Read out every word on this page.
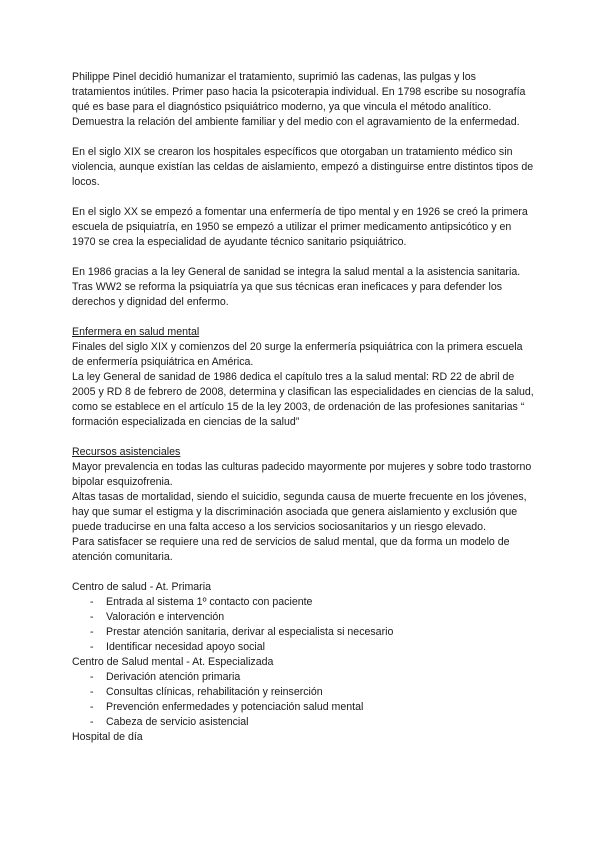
Philippe Pinel decidió humanizar el tratamiento, suprimió las cadenas, las pulgas y los tratamientos inútiles. Primer paso hacia la psicoterapia individual. En 1798 escribe su nosografía qué es base para el diagnóstico psiquiátrico moderno, ya que vincula el método analítico.

Demuestra la relación del ambiente familiar y del medio con el agravamiento de la enfermedad.

En el siglo XIX se crearon los hospitales específicos que otorgaban un tratamiento médico sin violencia, aunque existían las celdas de aislamiento, empezó a distinguirse entre distintos tipos de locos.

En el siglo XX se empezó a fomentar una enfermería de tipo mental y en 1926 se creó la primera escuela de psiquiatría, en 1950 se empezó a utilizar el primer medicamento antipsicótico y en 1970 se crea la especialidad de ayudante técnico sanitario psiquiátrico.

En 1986 gracias a la ley General de sanidad se integra la salud mental a la asistencia sanitaria. Tras WW2 se reforma la psiquiatría ya que sus técnicas eran ineficaces y para defender los derechos y dignidad del enfermo.

Enfermera en salud mental

Finales del siglo XIX y comienzos del 20 surge la enfermería psiquiátrica con la primera escuela de enfermería psiquiátrica en América.

La ley General de sanidad de 1986 dedica el capítulo tres a la salud mental: RD 22 de abril de 2005 y RD 8 de febrero de 2008, determina y clasifican las especialidades en ciencias de la salud, como se establece en el artículo 15 de la ley 2003, de ordenación de las profesiones sanitarias “ formación especializada en ciencias de la salud”

Recursos asistenciales

Mayor prevalencia en todas las culturas padecido mayormente por mujeres y sobre todo trastorno bipolar esquizofrenia.

Altas tasas de mortalidad, siendo el suicidio, segunda causa de muerte frecuente en los jóvenes, hay que sumar el estigma y la discriminación asociada que genera aislamiento y exclusión que puede traducirse en una falta acceso a los servicios sociosanitarios y un riesgo elevado.

Para satisfacer se requiere una red de servicios de salud mental, que da forma un modelo de atención comunitaria.

Centro de salud - At. Primaria

- Entrada al sistema 1º contacto con paciente
- Valoración e intervención
- Prestar atención sanitaria, derivar al especialista si necesario
- Identificar necesidad apoyo social

Centro de Salud mental - At. Especializada

- Derivación atención primaria
- Consultas clínicas, rehabilitación y reinserción
- Prevención enfermedades y potenciación salud mental
- Cabeza de servicio asistencial

Hospital de día
